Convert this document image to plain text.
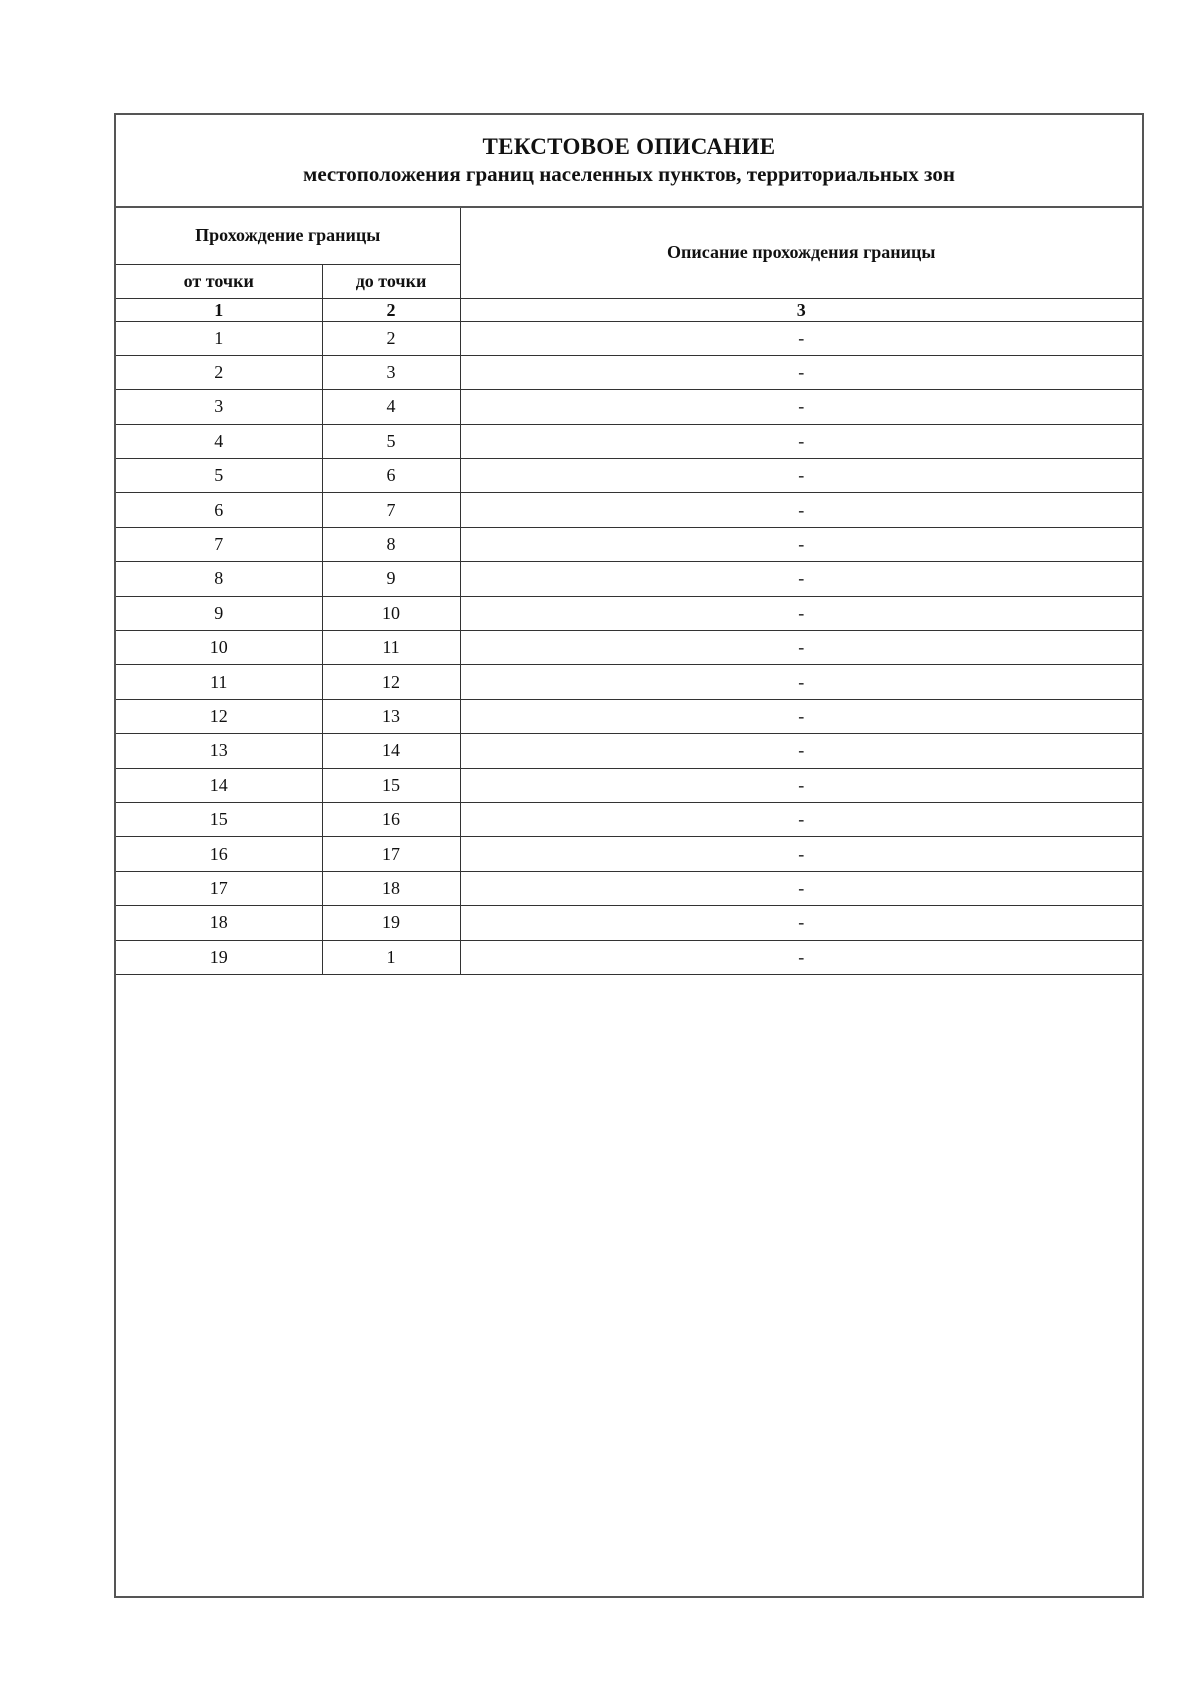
ТЕКСТОВОЕ ОПИСАНИЕ
местоположения границ населенных пунктов, территориальных зон
Прохождение границы		Описание прохождения границы
от точки	до точки	
1	2	3
1	2	-
2	3	-
3	4	-
4	5	-
5	6	-
6	7	-
7	8	-
8	9	-
9	10	-
10	11	-
11	12	-
12	13	-
13	14	-
14	15	-
15	16	-
16	17	-
17	18	-
18	19	-
19	1	-
